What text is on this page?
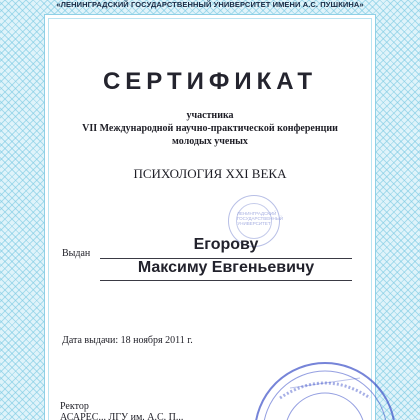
«ЛЕНИНГРАДСКИЙ ГОСУДАРСТВЕННЫЙ УНИВЕРСИТЕТ ИМЕНИ А.С. ПУШКИНА»
СЕРТИФИКАТ
участника
VII Международной научно-практической конференции
молодых ученых
ПСИХОЛОГИЯ XXI ВЕКА
ЛЕНИНГРАДСКИЙ ГОСУДАРСТВЕННЫЙ УНИВЕРСИТЕТ
Выдан
Егорову
Максиму Евгеньевичу
Дата выдачи: 18 ноября 2011 г.
Ректор
АСАРЕС... ЛГУ им. А.С. П...
